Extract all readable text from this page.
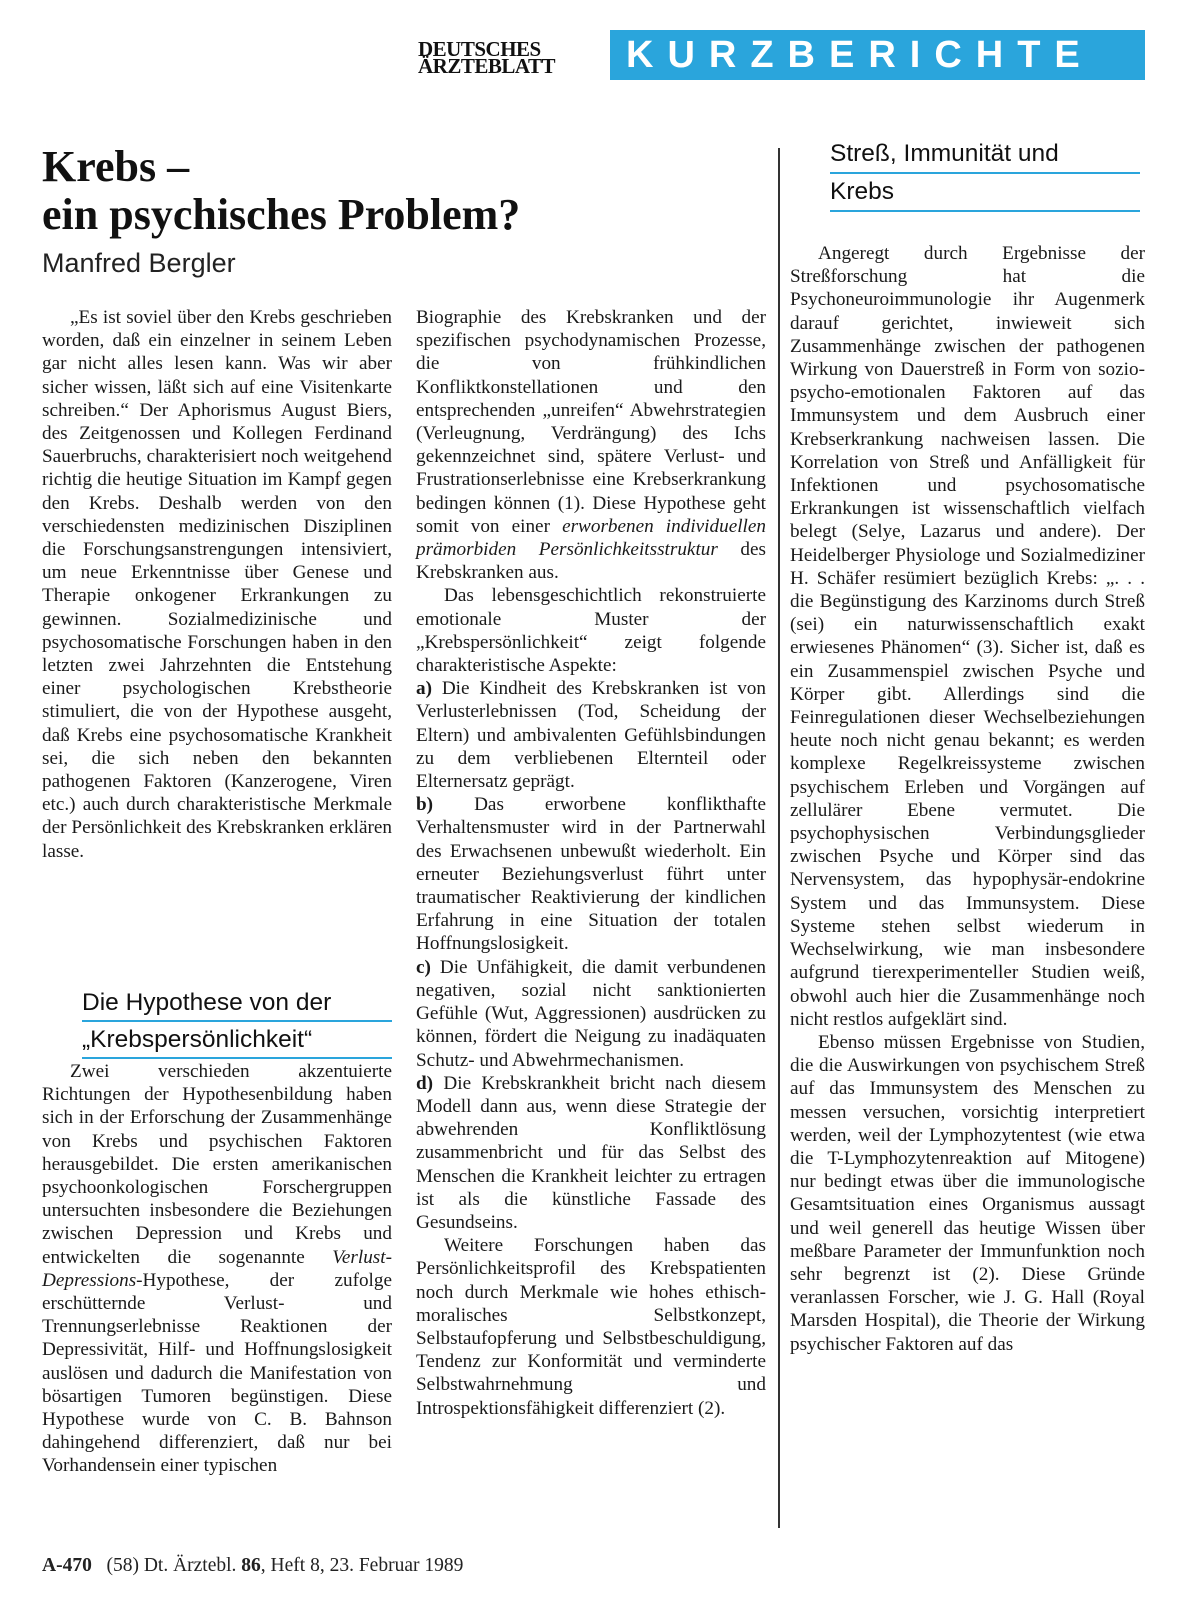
DEUTSCHES
ÄRZTEBLATT	KURZBERICHTE
Krebs –
ein psychisches Problem?
Manfred Bergler

„Es ist soviel über den Krebs geschrieben worden, daß ein einzelner in seinem Leben gar nicht alles lesen kann. Was wir aber sicher wissen, läßt sich auf eine Visitenkarte schreiben.“ Der Aphorismus August Biers, des Zeitgenossen und Kollegen Ferdinand Sauerbruchs, charakterisiert noch weitgehend richtig die heutige Situation im Kampf gegen den Krebs. Deshalb werden von den verschiedensten medizinischen Disziplinen die Forschungsanstrengungen intensiviert, um neue Erkenntnisse über Genese und Therapie onkogener Erkrankungen zu gewinnen. Sozialmedizinische und psychosomatische Forschungen haben in den letzten zwei Jahrzehnten die Entstehung einer psychologischen Krebstheorie stimuliert, die von der Hypothese ausgeht, daß Krebs eine psychosomatische Krankheit sei, die sich neben den bekannten pathogenen Faktoren (Kanzerogene, Viren etc.) auch durch charakteristische Merkmale der Persönlichkeit des Krebskranken erklären lasse.

Die Hypothese von der
„Krebspersönlichkeit“

Zwei verschieden akzentuierte Richtungen der Hypothesenbildung haben sich in der Erforschung der Zusammenhänge von Krebs und psychischen Faktoren herausgebildet. Die ersten amerikanischen psychoonkologischen Forschergruppen untersuchten insbesondere die Beziehungen zwischen Depression und Krebs und entwickelten die sogenannte Verlust-Depressions-Hypothese, der zufolge erschütternde Verlust- und Trennungserlebnisse Reaktionen der Depressivität, Hilf- und Hoffnungslosigkeit auslösen und dadurch die Manifestation von bösartigen Tumoren begünstigen. Diese Hypothese wurde von C. B. Bahnson dahingehend differenziert, daß nur bei Vorhandensein einer typischen

Biographie des Krebskranken und der spezifischen psychodynamischen Prozesse, die von frühkindlichen Konfliktkonstellationen und den entsprechenden „unreifen“ Abwehrstrategien (Verleugnung, Verdrängung) des Ichs gekennzeichnet sind, spätere Verlust- und Frustrationserlebnisse eine Krebserkrankung bedingen können (1). Diese Hypothese geht somit von einer erworbenen individuellen prämorbiden Persönlichkeitsstruktur des Krebskranken aus.

Das lebensgeschichtlich rekonstruierte emotionale Muster der „Krebspersönlichkeit“ zeigt folgende charakteristische Aspekte:

a) Die Kindheit des Krebskranken ist von Verlusterlebnissen (Tod, Scheidung der Eltern) und ambivalenten Gefühlsbindungen zu dem verbliebenen Elternteil oder Elternersatz geprägt.

b) Das erworbene konflikthafte Verhaltensmuster wird in der Partnerwahl des Erwachsenen unbewußt wiederholt. Ein erneuter Beziehungsverlust führt unter traumatischer Reaktivierung der kindlichen Erfahrung in eine Situation der totalen Hoffnungslosigkeit.

c) Die Unfähigkeit, die damit verbundenen negativen, sozial nicht sanktionierten Gefühle (Wut, Aggressionen) ausdrücken zu können, fördert die Neigung zu inadäquaten Schutz- und Abwehrmechanismen.

d) Die Krebskrankheit bricht nach diesem Modell dann aus, wenn diese Strategie der abwehrenden Konfliktlösung zusammenbricht und für das Selbst des Menschen die Krankheit leichter zu ertragen ist als die künstliche Fassade des Gesundseins.

Weitere Forschungen haben das Persönlichkeitsprofil des Krebspatienten noch durch Merkmale wie hohes ethisch-moralisches Selbstkonzept, Selbstaufopferung und Selbstbeschuldigung, Tendenz zur Konformität und verminderte Selbstwahrnehmung und Introspektionsfähigkeit differenziert (2).

Streß, Immunität und
Krebs

Angeregt durch Ergebnisse der Streßforschung hat die Psychoneuroimmunologie ihr Augenmerk darauf gerichtet, inwieweit sich Zusammenhänge zwischen der pathogenen Wirkung von Dauerstreß in Form von sozio-psycho-emotionalen Faktoren auf das Immunsystem und dem Ausbruch einer Krebserkrankung nachweisen lassen. Die Korrelation von Streß und Anfälligkeit für Infektionen und psychosomatische Erkrankungen ist wissenschaftlich vielfach belegt (Selye, Lazarus und andere). Der Heidelberger Physiologe und Sozialmediziner H. Schäfer resümiert bezüglich Krebs: „. . . die Begünstigung des Karzinoms durch Streß (sei) ein naturwissenschaftlich exakt erwiesenes Phänomen“ (3). Sicher ist, daß es ein Zusammenspiel zwischen Psyche und Körper gibt. Allerdings sind die Feinregulationen dieser Wechselbeziehungen heute noch nicht genau bekannt; es werden komplexe Regelkreissysteme zwischen psychischem Erleben und Vorgängen auf zellulärer Ebene vermutet. Die psychophysischen Verbindungsglieder zwischen Psyche und Körper sind das Nervensystem, das hypophysär-endokrine System und das Immunsystem. Diese Systeme stehen selbst wiederum in Wechselwirkung, wie man insbesondere aufgrund tierexperimenteller Studien weiß, obwohl auch hier die Zusammenhänge noch nicht restlos aufgeklärt sind.

Ebenso müssen Ergebnisse von Studien, die die Auswirkungen von psychischem Streß auf das Immunsystem des Menschen zu messen versuchen, vorsichtig interpretiert werden, weil der Lymphozytentest (wie etwa die T-Lymphozytenreaktion auf Mitogene) nur bedingt etwas über die immunologische Gesamtsituation eines Organismus aussagt und weil generell das heutige Wissen über meßbare Parameter der Immunfunktion noch sehr begrenzt ist (2). Diese Gründe veranlassen Forscher, wie J. G. Hall (Royal Marsden Hospital), die Theorie der Wirkung psychischer Faktoren auf das

A-470 (58) Dt. Ärztebl. 86, Heft 8, 23. Februar 1989
